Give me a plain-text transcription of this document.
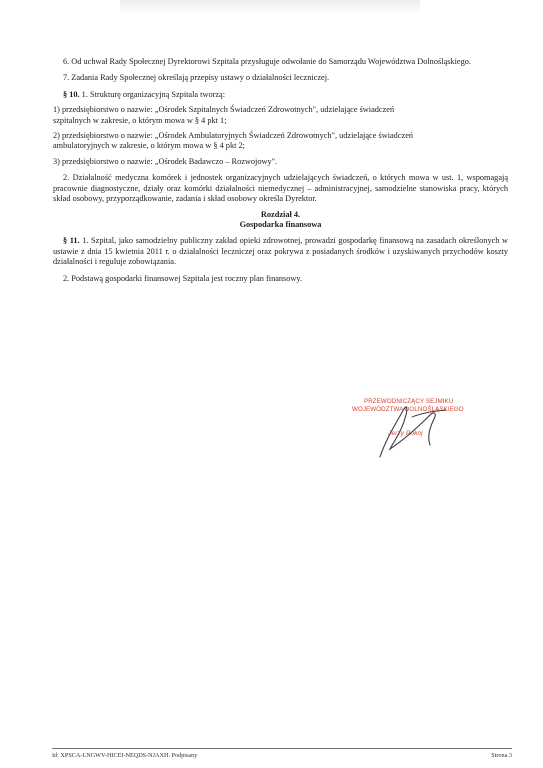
6. Od uchwał Rady Społecznej Dyrektorowi Szpitala przysługuje odwołanie do Samorządu Województwa Dolnośląskiego.

7. Zadania Rady Społecznej określają przepisy ustawy o działalności leczniczej.

§ 10. 1. Strukturę organizacyjną Szpitala tworzą:

1) przedsiębiorstwo o nazwie: „Ośrodek Szpitalnych Świadczeń Zdrowotnych", udzielające świadczeń
szpitalnych w zakresie, o którym mowa w § 4 pkt 1;

2) przedsiębiorstwo o nazwie: „Ośrodek Ambulatoryjnych Świadczeń Zdrowotnych", udzielające świadczeń
ambulatoryjnych w zakresie, o którym mowa w § 4 pkt 2;

3) przedsiębiorstwo o nazwie: „Ośrodek Badawczo – Rozwojowy".

2. Działalność medyczna komórek i jednostek organizacyjnych udzielających świadczeń, o których mowa w ust. 1, wspomagają pracownie diagnostyczne, działy oraz komórki działalności niemedycznej – administracyjnej, samodzielne stanowiska pracy, których skład osobowy, przyporządkowanie, zadania i skład osobowy określa Dyrektor.

Rozdział 4.

Gospodarka finansowa

§ 11. 1. Szpital, jako samodzielny publiczny zakład opieki zdrowotnej, prowadzi gospodarkę finansową na zasadach określonych w ustawie z dnia 15 kwietnia 2011 r. o działalności leczniczej oraz pokrywa z posiadanych środków i uzyskiwanych przychodów koszty działalności i reguluje zobowiązania.

2. Podstawą gospodarki finansowej Szpitala jest roczny plan finansowy.

PRZEWODNICZĄCY SEJMIKU
WOJEWÓDZTWA DOLNOŚLĄSKIEGO
Jerzy Pokój
Id: XPSCA-LNGWV-HICEI-NEQDS-NJAXH. Podpisany	Strona 3
